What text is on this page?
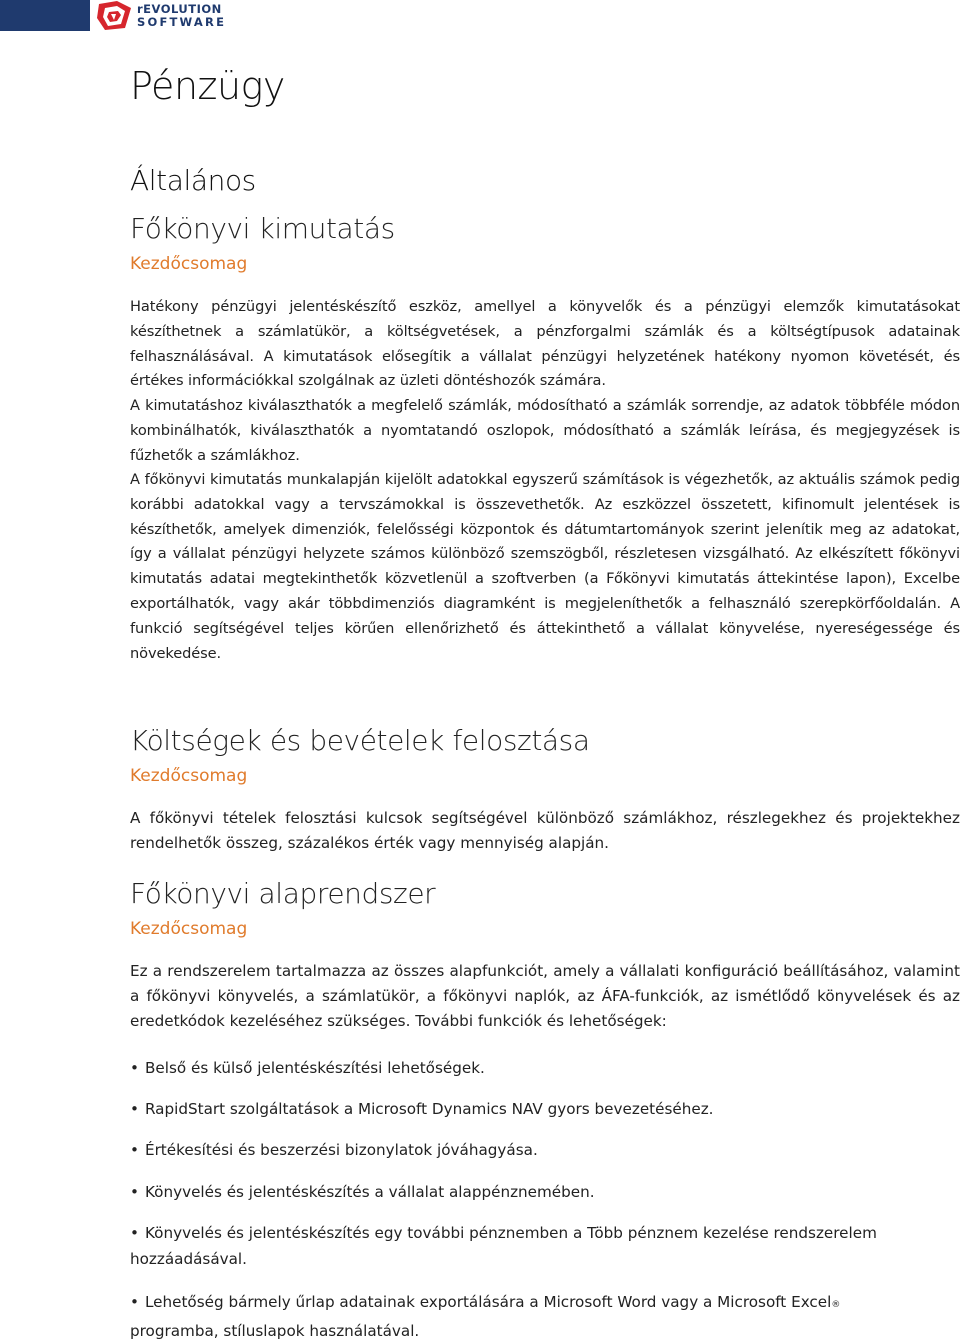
rEVOLUTION
SOFTWARE
Pénzügy
Általános
Főkönyvi kimutatás

Kezdőcsomag

Hatékony pénzügyi jelentéskészítő eszköz, amellyel a könyvelők és a pénzügyi elemzők kimutatásokat készíthetnek a számlatükör, a költségvetések, a pénzforgalmi számlák és a költségtípusok adatainak felhasználásával. A kimutatások elősegítik a vállalat pénzügyi helyzetének hatékony nyomon követését, és értékes információkkal szolgálnak az üzleti döntéshozók számára.

A kimutatáshoz kiválaszthatók a megfelelő számlák, módosítható a számlák sorrendje, az adatok többféle módon kombinálhatók, kiválaszthatók a nyomtatandó oszlopok, módosítható a számlák leírása, és megjegyzések is fűzhetők a számlákhoz.

A főkönyvi kimutatás munkalapján kijelölt adatokkal egyszerű számítások is végezhetők, az aktuális számok pedig korábbi adatokkal vagy a tervszámokkal is összevethetők. Az eszközzel összetett, kifinomult jelentések is készíthetők, amelyek dimenziók, felelősségi központok és dátumtartományok szerint jelenítik meg az adatokat, így a vállalat pénzügyi helyzete számos különböző szemszögből, részletesen vizsgálható. Az elkészített főkönyvi kimutatás adatai megtekinthetők közvetlenül a szoftverben (a Főkönyvi kimutatás áttekintése lapon), Excelbe exportálhatók, vagy akár többdimenziós diagramként is megjeleníthetők a felhasználó szerepkörfőoldalán. A funkció segítségével teljes körűen ellenőrizhető és áttekinthető a vállalat könyvelése, nyereségessége és növekedése.

Költségek és bevételek felosztása

Kezdőcsomag

A főkönyvi tételek felosztási kulcsok segítségével különböző számlákhoz, részlegekhez és projektekhez rendelhetők összeg, százalékos érték vagy mennyiség alapján.

Főkönyvi alaprendszer

Kezdőcsomag

Ez a rendszerelem tartalmazza az összes alapfunkciót, amely a vállalati konfiguráció beállításához, valamint a főkönyvi könyvelés, a számlatükör, a főkönyvi naplók, az ÁFA-funkciók, az ismétlődő könyvelések és az eredetkódok kezeléséhez szükséges. További funkciók és lehetőségek:

• Belső és külső jelentéskészítési lehetőségek.

• RapidStart szolgáltatások a Microsoft Dynamics NAV gyors bevezetéséhez.

• Értékesítési és beszerzési bizonylatok jóváhagyása.

• Könyvelés és jelentéskészítés a vállalat alappénznemében.

• Könyvelés és jelentéskészítés egy további pénznemben a Több pénznem kezelése rendszerelem hozzáadásával.

• Lehetőség bármely űrlap adatainak exportálására a Microsoft Word vagy a Microsoft Excel®
programba, stíluslapok használatával.
